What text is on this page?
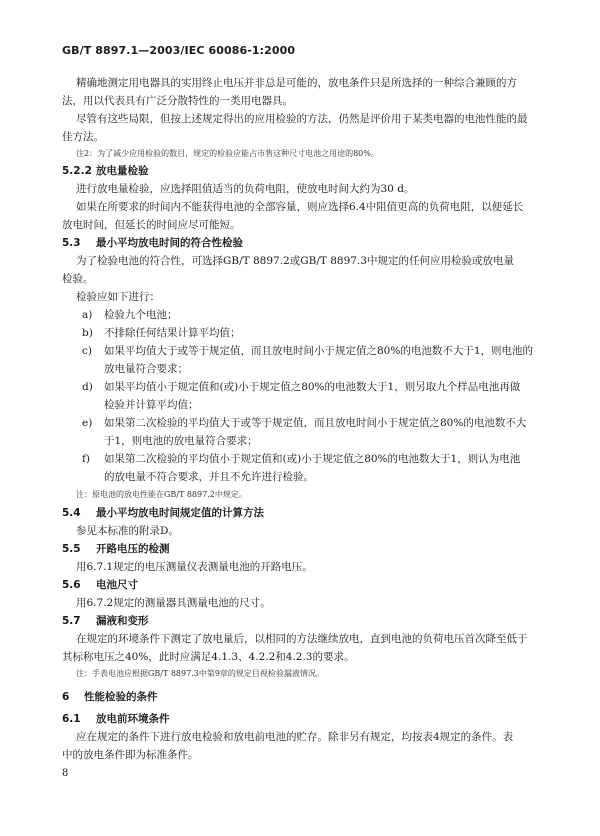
GB/T 8897.1—2003/IEC 60086-1:2000
精确地测定用电器具的实用终止电压并非总是可能的，放电条件只是所选择的一种综合兼顾的方
法，用以代表具有广泛分散特性的一类用电器具。
尽管有这些局限，但按上述规定得出的应用检验的方法，仍然是评价用于某类电器的电池性能的最
佳方法。
注2：为了减少应用检验的数目，规定的检验应能占市售这种尺寸电池之用途的80%。
5.2.2 放电量检验
进行放电量检验，应选择阻值适当的负荷电阻，使放电时间大约为30 d。
如果在所要求的时间内不能获得电池的全部容量，则应选择6.4中阻值更高的负荷电阻，以便延长
放电时间，但延长的时间应尽可能短。
5.3 最小平均放电时间的符合性检验
为了检验电池的符合性，可选择GB/T 8897.2或GB/T 8897.3中规定的任何应用检验或放电量
检验。
检验应如下进行：
a) 检验九个电池；
b) 不排除任何结果计算平均值；
c) 如果平均值大于或等于规定值，而且放电时间小于规定值之80%的电池数不大于1，则电池的
放电量符合要求；
d) 如果平均值小于规定值和(或)小于规定值之80%的电池数大于1，则另取九个样品电池再做
检验并计算平均值；
e) 如果第二次检验的平均值大于或等于规定值，而且放电时间小于规定值之80%的电池数不大
于1，则电池的放电量符合要求；
f) 如果第二次检验的平均值小于规定值和(或)小于规定值之80%的电池数大于1，则认为电池
的放电量不符合要求，并且不允许进行检验。
注：原电池的放电性能在GB/T 8897.2中规定。
5.4 最小平均放电时间规定值的计算方法
参见本标准的附录D。
5.5 开路电压的检测
用6.7.1规定的电压测量仪表测量电池的开路电压。
5.6 电池尺寸
用6.7.2规定的测量器具测量电池的尺寸。
5.7 漏液和变形
在规定的环境条件下测定了放电量后，以相同的方法继续放电，直到电池的负荷电压首次降至低于
其标称电压之40%，此时应满足4.1.3、4.2.2和4.2.3的要求。
注：手表电池应根据GB/T 8897.3中第9章的规定目视检验漏液情况。
6 性能检验的条件
6.1 放电前环境条件
应在规定的条件下进行放电检验和放电前电池的贮存。除非另有规定，均按表4规定的条件。表
中的放电条件即为标准条件。
8
